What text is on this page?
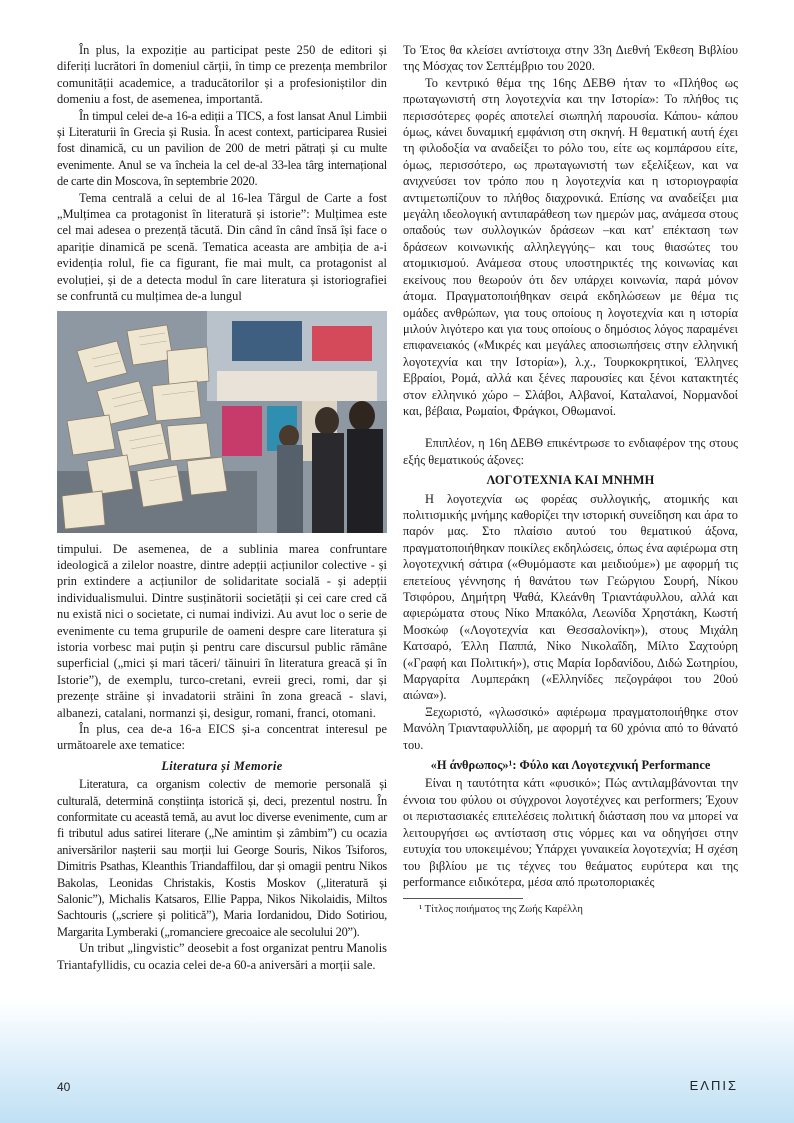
În plus, la expoziție au participat peste 250 de editori și diferiți lucrători în domeniul cărții, în timp ce prezența membrilor comunității academice, a traducătorilor și a profesioniștilor din domeniu a fost, de asemenea, importantă.

În timpul celei de-a 16-a ediții a TICS, a fost lansat Anul Limbii și Literaturii în Grecia și Rusia. În acest context, participarea Rusiei fost dinamică, cu un pavilion de 200 de metri pătrați și cu multe evenimente. Anul se va încheia la cel de-al 33-lea târg internațional de carte din Moscova, în septembrie 2020.

Tema centrală a celui de al 16-lea Târgul de Carte a fost „Mulțimea ca protagonist în literatură și istorie”: Mulțimea este cel mai adesea o prezență tăcută. Din când în când însă își face o apariție dinamică pe scenă. Tematica aceasta are ambiția de a-i evidenția rolul, fie ca figurant, fie mai mult, ca protagonist al evoluției, și de a detecta modul în care literatura și istoriografiei se confruntă cu mulțimea de-a lungul

timpului. De asemenea, de a sublinia marea confruntare ideologică a zilelor noastre, dintre adepții acțiunilor colective - și prin extindere a acțiunilor de solidaritate socială - și adepții individualismului. Dintre susținătorii societății și cei care cred că nu există nici o societate, ci numai indivizi. Au avut loc o serie de evenimente cu tema grupurile de oameni despre care literatura și istoria vorbesc mai puțin și pentru care discursul public rămâne superficial („mici și mari tăceri/ tăinuiri în literatura greacă și în Istorie”), de exemplu, turco-cretani, evreii greci, romi, dar și prezențe străine și invadatorii străini în zona greacă - slavi, albanezi, catalani, normanzi și, desigur, romani, franci, otomani.

În plus, cea de-a 16-a EICS și-a concentrat interesul pe următoarele axe tematice:

Literatura și Memorie

Literatura, ca organism colectiv de memorie personală și culturală, determină conștiința istorică și, deci, prezentul nostru. În conformitate cu această temă, au avut loc diverse evenimente, cum ar fi tributul adus satirei literare („Ne amintim și zâmbim”) cu ocazia aniversărilor nașterii sau morții lui George Souris, Nikos Tsiforos, Dimitris Psathas, Kleanthis Triandaffilou, dar și omagii pentru Nikos Bakolas, Leonidas Christakis, Kostis Moskov („literatură și Salonic”), Michalis Katsaros, Ellie Pappa, Nikos Nikolaidis, Miltos Sachtouris („scriere și politică”), Maria Iordanidou, Dido Sotiriou, Margarita Lymberaki („romanciere grecoaice ale secolului 20”).

Un tribut „lingvistic” deosebit a fost organizat pentru Manolis Triantafyllidis, cu ocazia celei de-a 60-a aniversări a morții sale.

Το Έτος θα κλείσει αντίστοιχα στην 33η Διεθνή Έκθεση Βιβλίου της Μόσχας τον Σεπτέμβριο του 2020.

Το κεντρικό θέμα της 16ης ΔΕΒΘ ήταν το «Πλήθος ως πρωταγωνιστή στη λογοτεχνία και την Ιστορία»: Το πλήθος τις περισσότερες φορές αποτελεί σιωπηλή παρουσία. Κάπου- κάπου όμως, κάνει δυναμική εμφάνιση στη σκηνή. Η θεματική αυτή έχει τη φιλοδοξία να αναδείξει το ρόλο του, είτε ως κομπάρσου είτε, όμως, περισσότερο, ως πρωταγωνιστή των εξελίξεων, και να ανιχνεύσει τον τρόπο που η λογοτεχνία και η ιστοριογραφία αντιμετωπίζουν το πλήθος διαχρονικά. Επίσης να αναδείξει μια μεγάλη ιδεολογική αντιπαράθεση των ημερών μας, ανάμεσα στους οπαδούς των συλλογικών δράσεων –και κατ' επέκταση των δράσεων κοινωνικής αλληλεγγύης– και τους θιασώτες του ατομικισμού. Ανάμεσα στους υποστηρικτές της κοινωνίας και εκείνους που θεωρούν ότι δεν υπάρχει κοινωνία, παρά μόνον άτομα. Πραγματοποιήθηκαν σειρά εκδηλώσεων με θέμα τις ομάδες ανθρώπων, για τους οποίους η λογοτεχνία και η ιστορία μιλούν λιγότερο και για τους οποίους ο δημόσιος λόγος παραμένει επιφανειακός («Μικρές και μεγάλες αποσιωπήσεις στην ελληνική λογοτεχνία και την Ιστορία»), λ.χ., Τουρκοκρητικοί, Έλληνες Εβραίοι, Ρομά, αλλά και ξένες παρουσίες και ξένοι κατακτητές στον ελληνικό χώρο – Σλάβοι, Αλβανοί, Καταλανοί, Νορμανδοί και, βέβαια, Ρωμαίοι, Φράγκοι, Οθωμανοί.

Επιπλέον, η 16η ΔΕΒΘ επικέντρωσε το ενδιαφέρον της στους εξής θεματικούς άξονες:

ΛΟΓΟΤΕΧΝΙΑ ΚΑΙ ΜΝΗΜΗ

Η λογοτεχνία ως φορέας συλλογικής, ατομικής και πολιτισμικής μνήμης καθορίζει την ιστορική συνείδηση και άρα το παρόν μας. Στο πλαίσιο αυτού του θεματικού άξονα, πραγματοποιήθηκαν ποικίλες εκδηλώσεις, όπως ένα αφιέρωμα στη λογοτεχνική σάτιρα («Θυμόμαστε και μειδιούμε») με αφορμή τις επετείους γέννησης ή θανάτου των Γεώργιου Σουρή, Νίκου Τσιφόρου, Δημήτρη Ψαθά, Κλεάνθη Τριαντάφυλλου, αλλά και αφιερώματα στους Νίκο Μπακόλα, Λεωνίδα Χρηστάκη, Κωστή Μοσκώφ («Λογοτεχνία και Θεσσαλονίκη»), στους Μιχάλη Κατσαρό, Έλλη Παππά, Νίκο Νικολαΐδη, Μίλτο Σαχτούρη («Γραφή και Πολιτική»), στις Μαρία Ιορδανίδου, Διδώ Σωτηρίου, Μαργαρίτα Λυμπεράκη («Ελληνίδες πεζογράφοι του 20ού αιώνα»).

Ξεχωριστό, «γλωσσικό» αφιέρωμα πραγματοποιήθηκε στον Μανόλη Τριανταφυλλίδη, με αφορμή τα 60 χρόνια από το θάνατό του.

«Η άνθρωπος»¹: Φύλο και Λογοτεχνική Performance

Είναι η ταυτότητα κάτι «φυσικό»; Πώς αντιλαμβάνονται την έννοια του φύλου οι σύγχρονοι λογοτέχνες και performers; Έχουν οι περιστασιακές επιτελέσεις πολιτική διάσταση που να μπορεί να λειτουργήσει ως αντίσταση στις νόρμες και να οδηγήσει στην ευτυχία του υποκειμένου; Υπάρχει γυναικεία λογοτεχνία; Η σχέση του βιβλίου με τις τέχνες του θεάματος ευρύτερα και της performance ειδικότερα, μέσα από πρωτοποριακές

¹ Τίτλος ποιήματος της Ζωής Καρέλλη

40	ΕΛΠΙΣ
